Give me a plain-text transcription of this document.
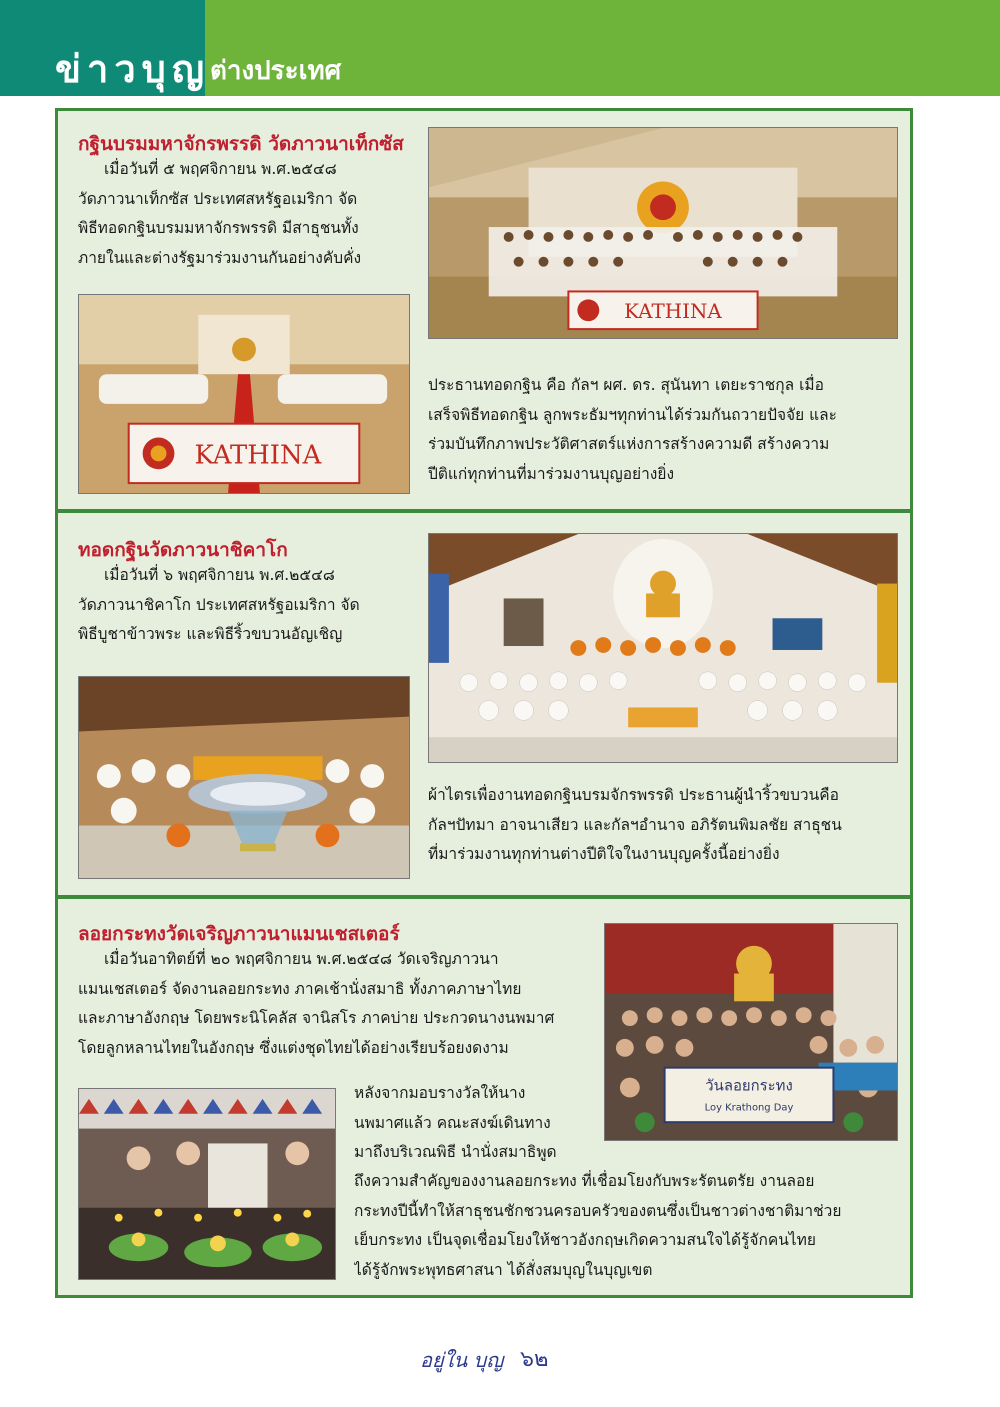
ข่าวบุญ ต่างประเทศ
กฐินบรมมหาจักรพรรดิ วัดภาวนาเท็กซัส
เมื่อวันที่ ๕ พฤศจิกายน พ.ศ.๒๕๔๘
วัดภาวนาเท็กซัส ประเทศสหรัฐอเมริกา จัด
พิธีทอดกฐินบรมมหาจักรพรรดิ มีสาธุชนทั้ง
ภายในและต่างรัฐมาร่วมงานกันอย่างคับคั่ง
KATHINA
KATHINA
ประธานทอดกฐิน คือ กัลฯ ผศ. ดร. สุนันทา เตยะราชกุล เมื่อ
เสร็จพิธีทอดกฐิน ลูกพระธัมฯทุกท่านได้ร่วมกันถวายปัจจัย และ
ร่วมบันทึกภาพประวัติศาสตร์แห่งการสร้างความดี สร้างความ
ปีติแก่ทุกท่านที่มาร่วมงานบุญอย่างยิ่ง
ทอดกฐินวัดภาวนาชิคาโก
เมื่อวันที่ ๖ พฤศจิกายน พ.ศ.๒๕๔๘
วัดภาวนาชิคาโก ประเทศสหรัฐอเมริกา จัด
พิธีบูชาข้าวพระ และพิธีริ้วขบวนอัญเชิญ
ผ้าไตรเพื่องานทอดกฐินบรมจักรพรรดิ ประธานผู้นำริ้วขบวนคือ
กัลฯปัทมา อาจนาเสียว และกัลฯอำนาจ อภิรัตนพิมลชัย สาธุชน
ที่มาร่วมงานทุกท่านต่างปีติใจในงานบุญครั้งนี้อย่างยิ่ง
ลอยกระทงวัดเจริญภาวนาแมนเชสเตอร์
เมื่อวันอาทิตย์ที่ ๒๐ พฤศจิกายน พ.ศ.๒๕๔๘ วัดเจริญภาวนา
แมนเชสเตอร์ จัดงานลอยกระทง ภาคเช้านั่งสมาธิ ทั้งภาคภาษาไทย
และภาษาอังกฤษ โดยพระนิโคลัส จานิสโร ภาคบ่าย ประกวดนางนพมาศ
โดยลูกหลานไทยในอังกฤษ ซึ่งแต่งชุดไทยได้อย่างเรียบร้อยงดงาม
วันลอยกระทง
Loy Krathong Day
หลังจากมอบรางวัลให้นาง
นพมาศแล้ว คณะสงฆ์เดินทาง
มาถึงบริเวณพิธี นำนั่งสมาธิพูด
ถึงความสำคัญของงานลอยกระทง ที่เชื่อมโยงกับพระรัตนตรัย งานลอย
กระทงปีนี้ทำให้สาธุชนชักชวนครอบครัวของตนซึ่งเป็นชาวต่างชาติมาช่วย
เย็บกระทง เป็นจุดเชื่อมโยงให้ชาวอังกฤษเกิดความสนใจได้รู้จักคนไทย
ได้รู้จักพระพุทธศาสนา ได้สั่งสมบุญในบุญเขต
อยู่ใน บุญ ๖๒
